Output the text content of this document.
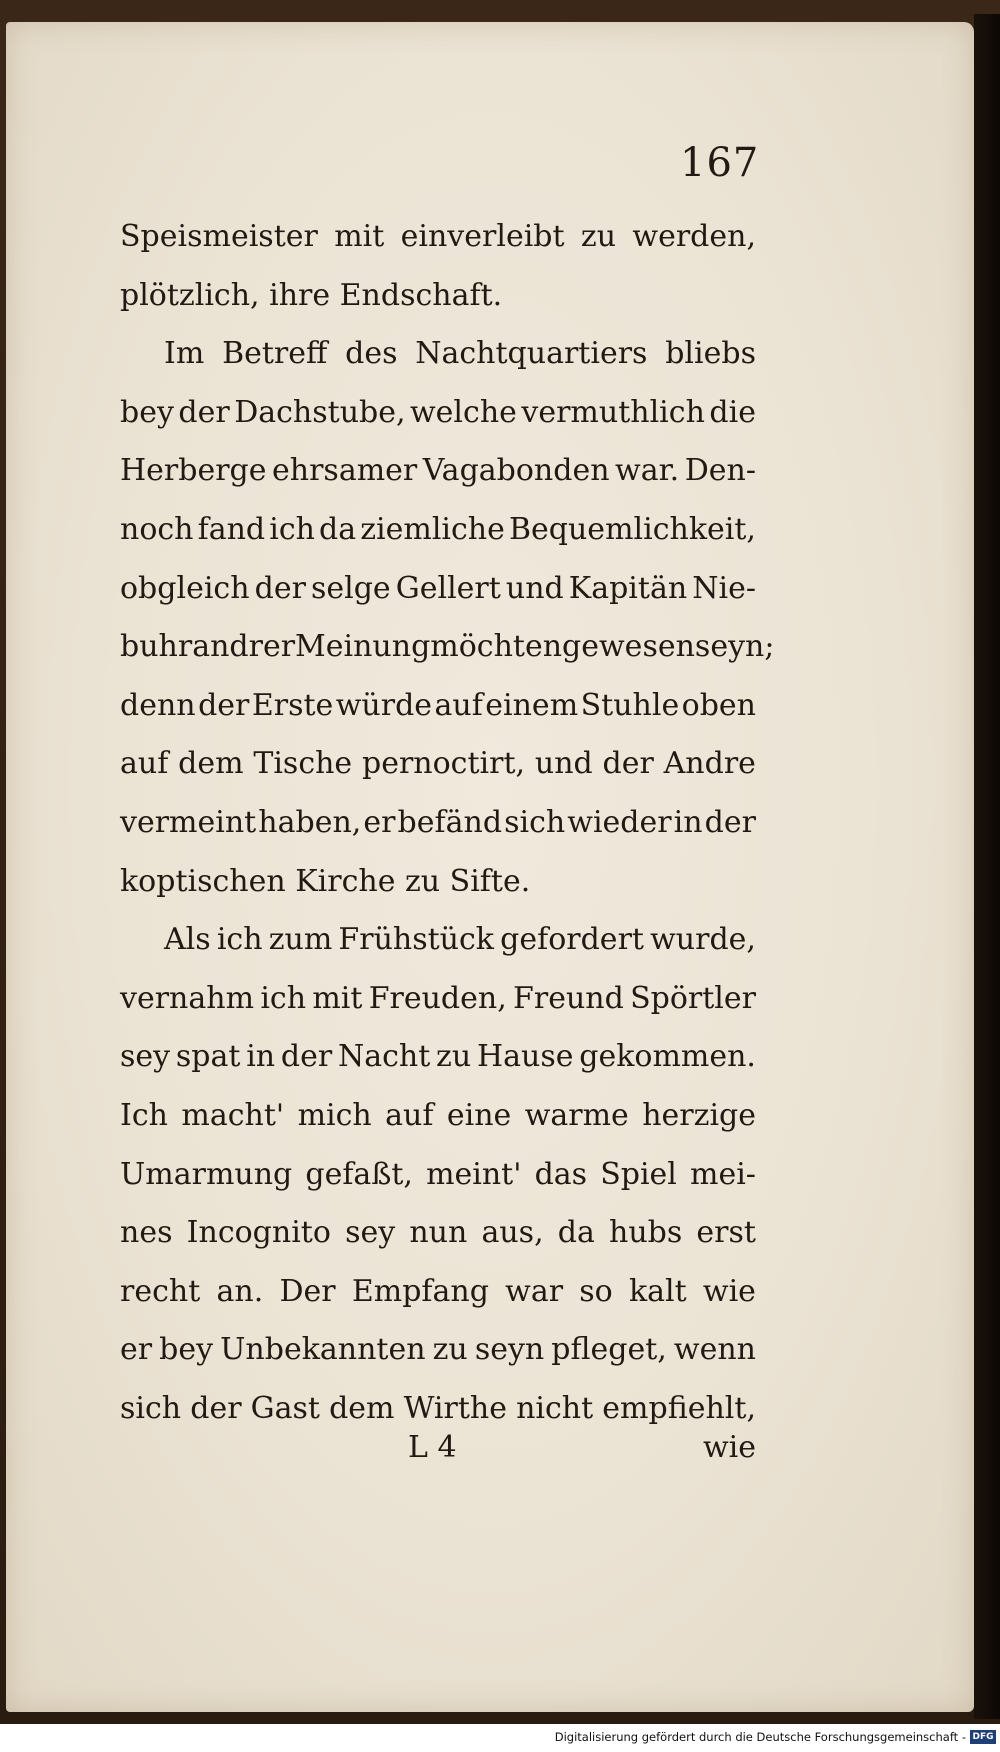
167
Speismeister mit einverleibt zu werden,
plötzlich, ihre Endschaft.
Im Betreff des Nachtquartiers bliebs
bey der Dachstube, welche vermuthlich die
Herberge ehrsamer Vagabonden war. Den-
noch fand ich da ziemliche Bequemlichkeit,
obgleich der selge Gellert und Kapitän Nie-
buhr andrer Meinung möchten gewesen seyn;
denn der Erste würde auf einem Stuhle oben
auf dem Tische pernoctirt, und der Andre
vermeint haben, er befänd sich wieder in der
koptischen Kirche zu Sifte.
Als ich zum Frühstück gefordert wurde,
vernahm ich mit Freuden, Freund Spörtler
sey spat in der Nacht zu Hause gekommen.
Ich macht' mich auf eine warme herzige
Umarmung gefaßt, meint' das Spiel mei-
nes Incognito sey nun aus, da hubs erst
recht an. Der Empfang war so kalt wie
er bey Unbekannten zu seyn pfleget, wenn
sich der Gast dem Wirthe nicht empfiehlt,
L 4	wie
Digitalisierung gefördert durch die Deutsche Forschungsgemeinschaft - DFG
